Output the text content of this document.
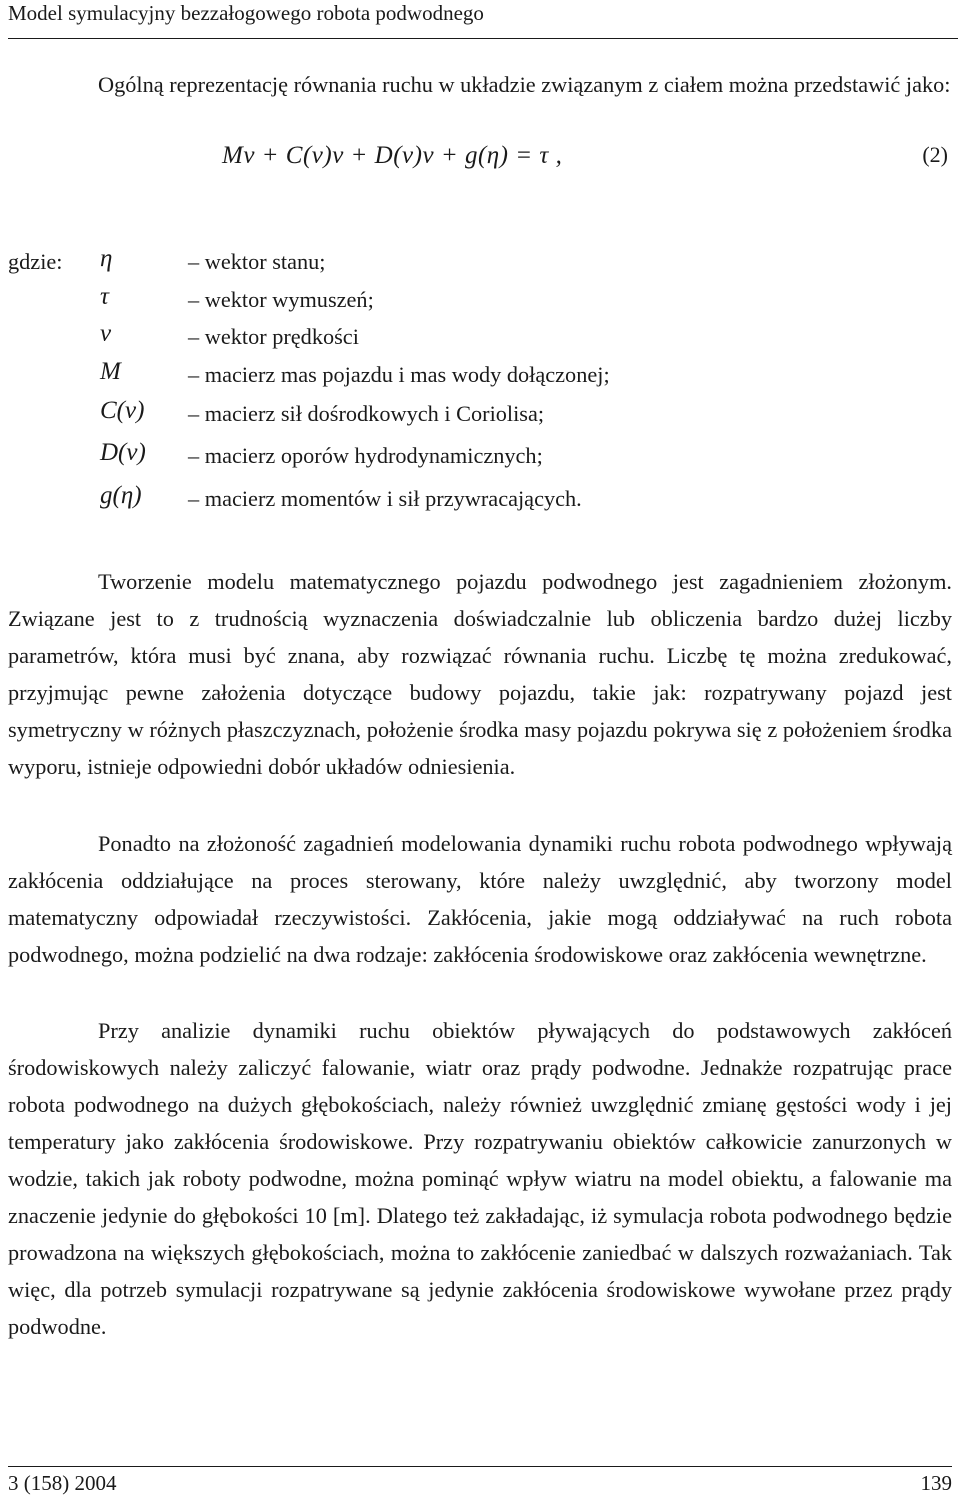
Model symulacyjny bezzałogowego robota podwodnego
Ogólną reprezentację równania ruchu w układzie związanym z ciałem można przedstawić jako:
Mν + C(ν)ν + D(ν)ν + g(η) = τ ,	(2)
gdzie: η	– wektor stanu;
τ	– wektor wymuszeń;
ν	– wektor prędkości
M	– macierz mas pojazdu i mas wody dołączonej;
C(ν) – macierz sił dośrodkowych i Coriolisa;
D(ν) – macierz oporów hydrodynamicznych;
g(η) – macierz momentów i sił przywracających.
Tworzenie modelu matematycznego pojazdu podwodnego jest zagadnieniem złożonym. Związane jest to z trudnością wyznaczenia doświadczalnie lub obliczenia bardzo dużej liczby parametrów, która musi być znana, aby rozwiązać równania ruchu. Liczbę tę można zredukować, przyjmując pewne założenia dotyczące budowy pojazdu, takie jak: rozpatrywany pojazd jest symetryczny w różnych płaszczyznach, położenie środka masy pojazdu pokrywa się z położeniem środka wyporu, istnieje odpowiedni dobór układów odniesienia.
Ponadto na złożoność zagadnień modelowania dynamiki ruchu robota podwodnego wpływają zakłócenia oddziałujące na proces sterowany, które należy uwzględnić, aby tworzony model matematyczny odpowiadał rzeczywistości. Zakłócenia, jakie mogą oddziaływać na ruch robota podwodnego, można podzielić na dwa rodzaje: zakłócenia środowiskowe oraz zakłócenia wewnętrzne.
Przy analizie dynamiki ruchu obiektów pływających do podstawowych zakłóceń środowiskowych należy zaliczyć falowanie, wiatr oraz prądy podwodne. Jednakże rozpatrując prace robota podwodnego na dużych głębokościach, należy również uwzględnić zmianę gęstości wody i jej temperatury jako zakłócenia środowiskowe. Przy rozpatrywaniu obiektów całkowicie zanurzonych w wodzie, takich jak roboty podwodne, można pominąć wpływ wiatru na model obiektu, a falowanie ma znaczenie jedynie do głębokości 10 [m]. Dlatego też zakładając, iż symulacja robota podwodnego będzie prowadzona na większych głębokościach, można to zakłócenie zaniedbać w dalszych rozważaniach. Tak więc, dla potrzeb symulacji rozpatrywane są jedynie zakłócenia środowiskowe wywołane przez prądy podwodne.
3 (158) 2004	139
